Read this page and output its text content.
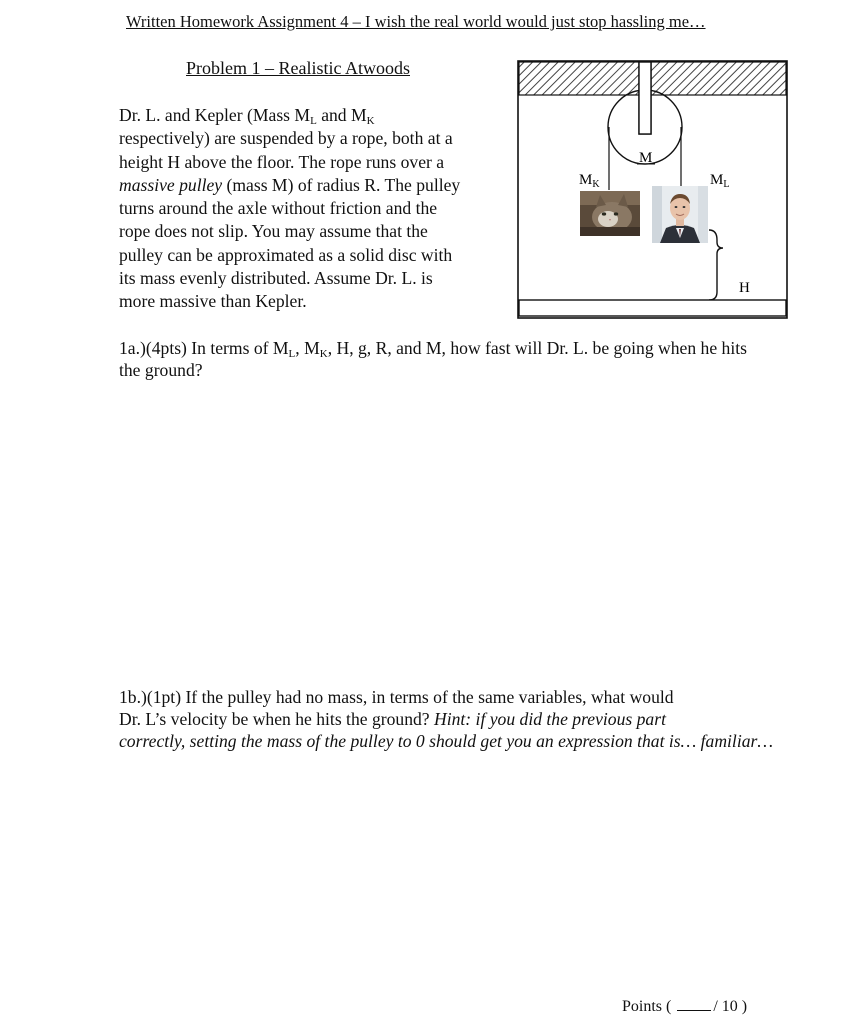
Written Homework Assignment 4 – I wish the real world would just stop hassling me…
Problem 1 – Realistic Atwoods
Dr. L. and Kepler (Mass $M_L$ and $M_K$
respectively) are suspended by a rope, both at a
height H above the floor. The rope runs over a
massive pulley (mass M) of radius R. The pulley
turns around the axle without friction and the
rope does not slip. You may assume that the
pulley can be approximated as a solid disc with
its mass evenly distributed. Assume Dr. L. is
more massive than Kepler.
M
$M_K$	$M_L$
H
1a.)(4pts) In terms of $M_L$, $M_K$, H, g, R, and M, how fast will Dr. L. be going when he hits the ground?
1b.)(1pt) If the pulley had no mass, in terms of the same variables, what would
Dr. L’s velocity be when he hits the ground? Hint: if you did the previous part
correctly, setting the mass of the pulley to 0 should get you an expression that is… familiar…
Points (	/ 10 )
